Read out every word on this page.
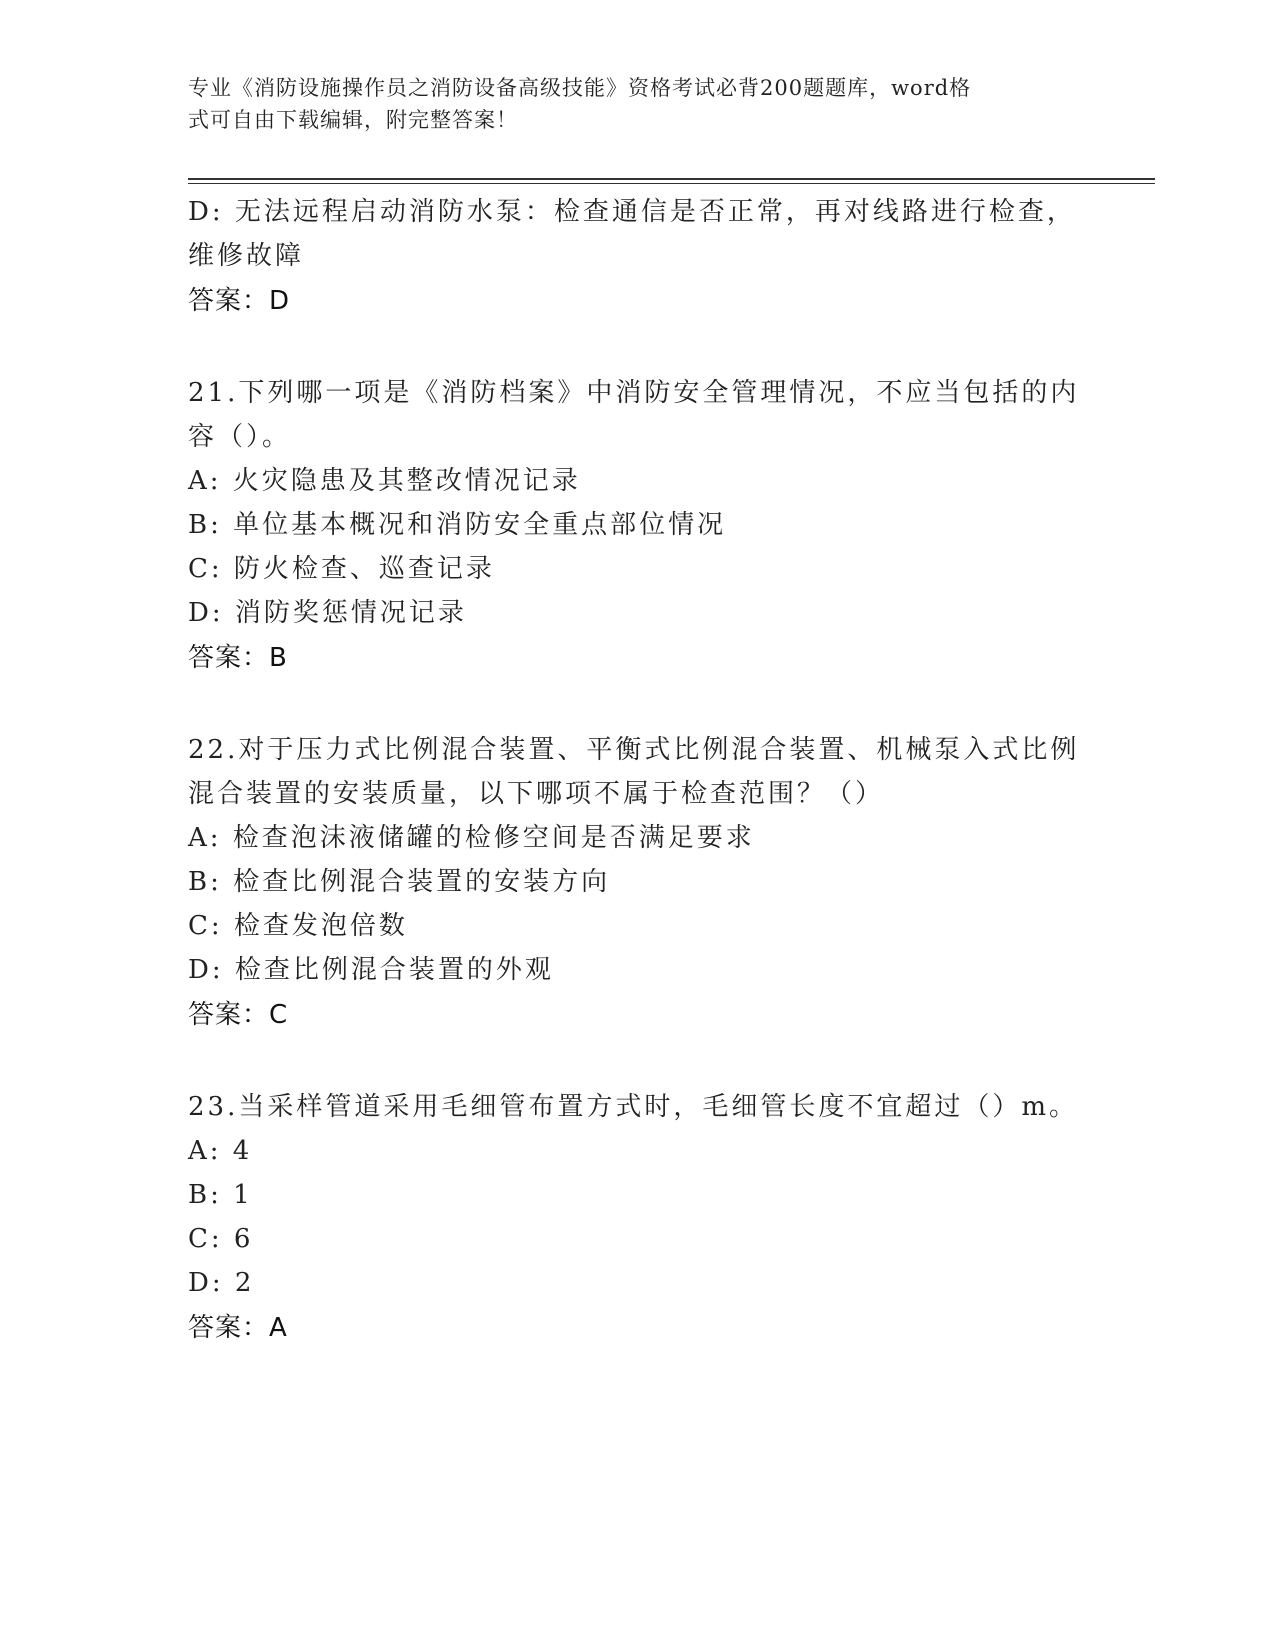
专业《消防设施操作员之消防设备高级技能》资格考试必背200题题库，word格
式可自由下载编辑，附完整答案！
D: 无法远程启动消防水泵：检查通信是否正常，再对线路进行检查，
维修故障
答案：D
21.下列哪一项是《消防档案》中消防安全管理情况，不应当包括的内
容（）。
A: 火灾隐患及其整改情况记录
B: 单位基本概况和消防安全重点部位情况
C: 防火检查、巡查记录
D: 消防奖惩情况记录
答案：B
22.对于压力式比例混合装置、平衡式比例混合装置、机械泵入式比例
混合装置的安装质量，以下哪项不属于检查范围？（）
A: 检查泡沫液储罐的检修空间是否满足要求
B: 检查比例混合装置的安装方向
C: 检查发泡倍数
D: 检查比例混合装置的外观
答案：C
23.当采样管道采用毛细管布置方式时，毛细管长度不宜超过（）m。
A: 4
B: 1
C: 6
D: 2
答案：A
